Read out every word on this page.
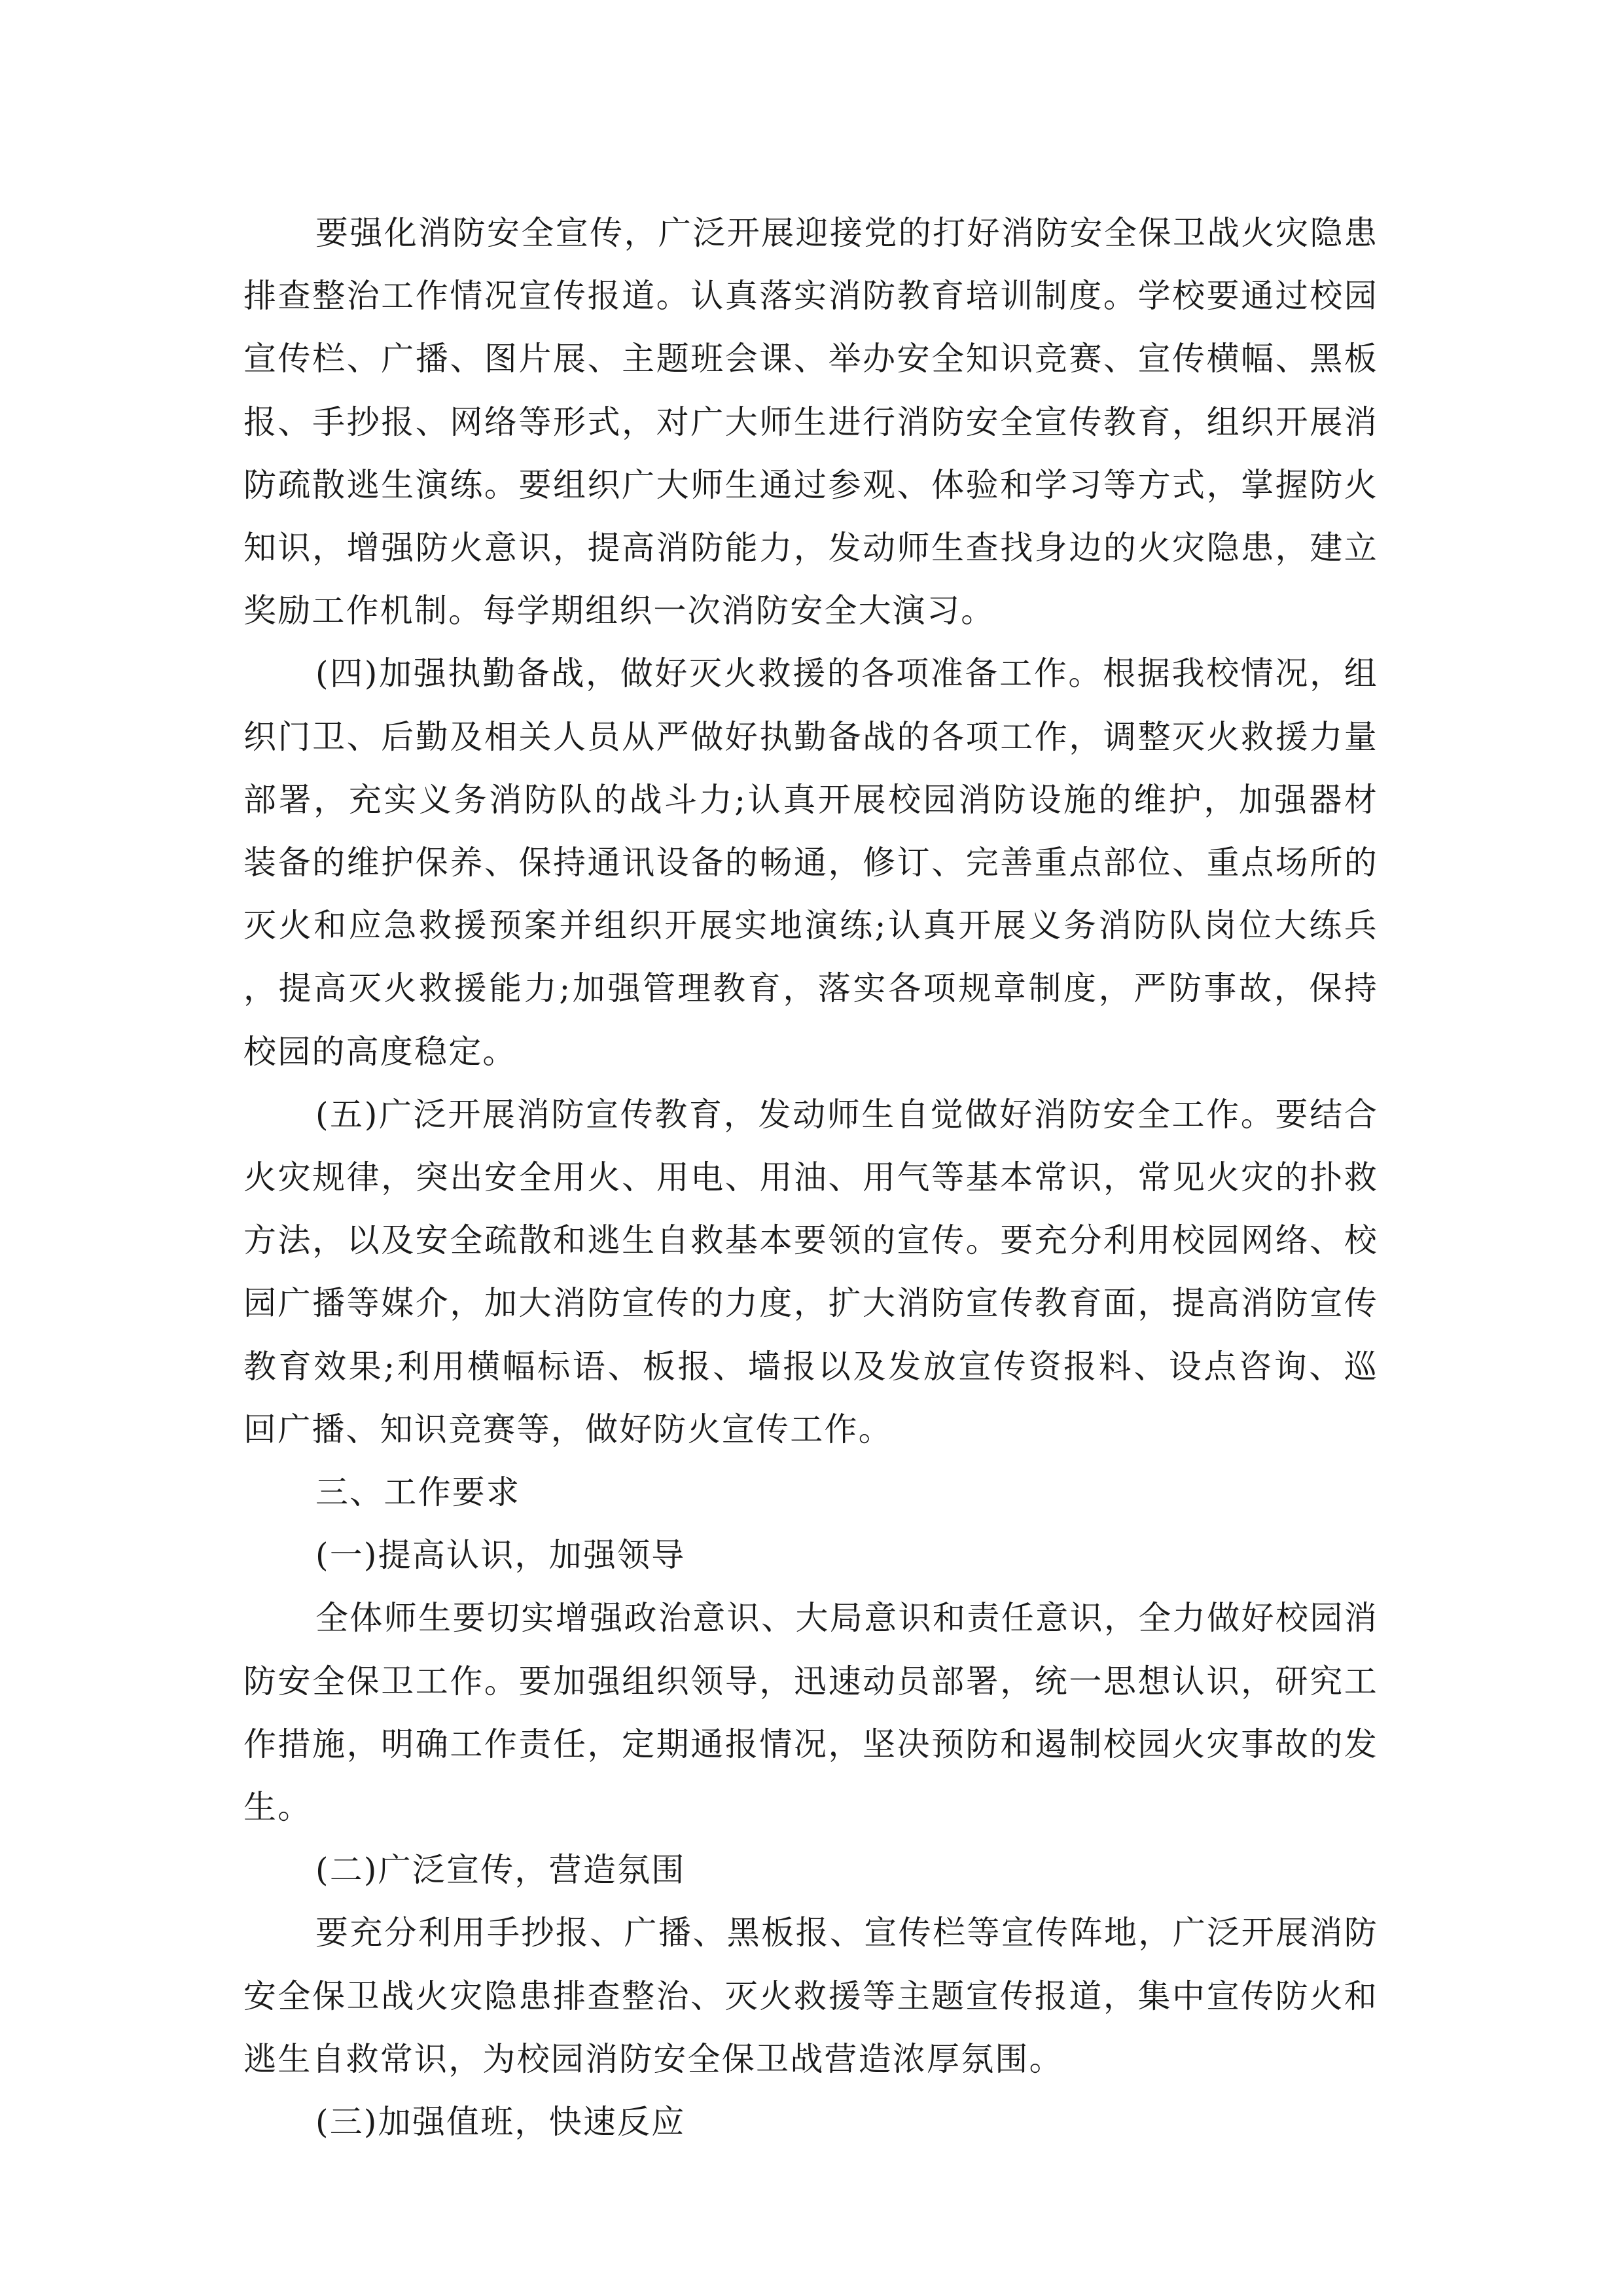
要强化消防安全宣传，广泛开展迎接党的打好消防安全保卫战火灾隐患排查整治工作情况宣传报道。认真落实消防教育培训制度。学校要通过校园宣传栏、广播、图片展、主题班会课、举办安全知识竞赛、宣传横幅、黑板报、手抄报、网络等形式，对广大师生进行消防安全宣传教育，组织开展消防疏散逃生演练。要组织广大师生通过参观、体验和学习等方式，掌握防火知识，增强防火意识，提高消防能力，发动师生查找身边的火灾隐患，建立奖励工作机制。每学期组织一次消防安全大演习。

(四)加强执勤备战，做好灭火救援的各项准备工作。根据我校情况，组织门卫、后勤及相关人员从严做好执勤备战的各项工作，调整灭火救援力量部署，充实义务消防队的战斗力;认真开展校园消防设施的维护，加强器材装备的维护保养、保持通讯设备的畅通，修订、完善重点部位、重点场所的灭火和应急救援预案并组织开展实地演练;认真开展义务消防队岗位大练兵，提高灭火救援能力;加强管理教育，落实各项规章制度，严防事故，保持校园的高度稳定。

(五)广泛开展消防宣传教育，发动师生自觉做好消防安全工作。要结合火灾规律，突出安全用火、用电、用油、用气等基本常识，常见火灾的扑救方法，以及安全疏散和逃生自救基本要领的宣传。要充分利用校园网络、校园广播等媒介，加大消防宣传的力度，扩大消防宣传教育面，提高消防宣传教育效果;利用横幅标语、板报、墙报以及发放宣传资报料、设点咨询、巡回广播、知识竞赛等，做好防火宣传工作。

三、工作要求

(一)提高认识，加强领导

全体师生要切实增强政治意识、大局意识和责任意识，全力做好校园消防安全保卫工作。要加强组织领导，迅速动员部署，统一思想认识，研究工作措施，明确工作责任，定期通报情况，坚决预防和遏制校园火灾事故的发生。

(二)广泛宣传，营造氛围

要充分利用手抄报、广播、黑板报、宣传栏等宣传阵地，广泛开展消防安全保卫战火灾隐患排查整治、灭火救援等主题宣传报道，集中宣传防火和逃生自救常识，为校园消防安全保卫战营造浓厚氛围。

(三)加强值班，快速反应
